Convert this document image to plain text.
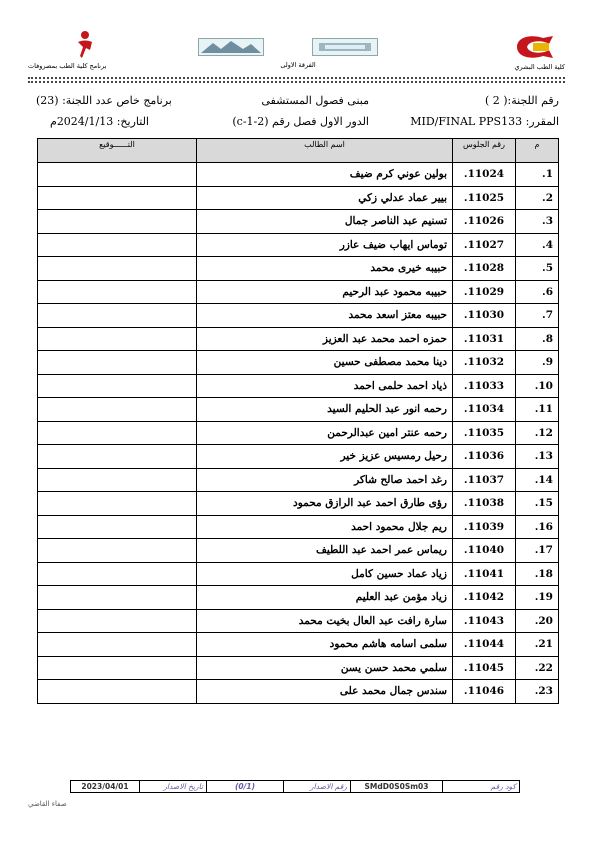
كلية الطب البشري
الفرقة الاولى
برنامج كلية الطب بمصروفات
رقم اللجنة:( 2 )
مبنى فصول المستشفى
برنامج خاص عدد اللجنة: (23)
المقرر: MID/FINAL PPS133
الدور الاول فصل رقم (2-1-c)
التاريخ: 2024/1/13م
م	رقم الجلوس	اسم الطالب	التــــــوقيع
1.	11024.	بولين عوني كرم ضيف	
2.	11025.	بيير عماد عدلي زكي	
3.	11026.	تسنيم عبد الناصر جمال	
4.	11027.	توماس ايهاب ضيف عازر	
5.	11028.	حبيبه خيرى محمد	
6.	11029.	حبيبه محمود عبد الرحيم	
7.	11030.	حبيبه معتز اسعد محمد	
8.	11031.	حمزه احمد محمد عبد العزيز	
9.	11032.	دينا محمد مصطفى حسين	
10.	11033.	ذياد احمد حلمى احمد	
11.	11034.	رحمه انور عبد الحليم السيد	
12.	11035.	رحمه عنتر امين عبدالرحمن	
13.	11036.	رحيل رمسيس عزيز خير	
14.	11037.	رغد احمد صالح شاكر	
15.	11038.	رؤى طارق احمد عبد الرازق محمود	
16.	11039.	ريم جلال محمود احمد	
17.	11040.	ريماس عمر احمد عبد اللطيف	
18.	11041.	زياد عماد حسين كامل	
19.	11042.	زياد مؤمن عبد العليم	
20.	11043.	سارة رافت عبد العال بخيت محمد	
21.	11044.	سلمى اسامه هاشم محمود	
22.	11045.	سلمي محمد حسن يسن	
23.	11046.	سندس جمال محمد على	
كود رقم	SMdD0S0Sm03	رقم الاصدار	(0/1)	تاريخ الاصدار	2023/04/01
صفاء القاضي
